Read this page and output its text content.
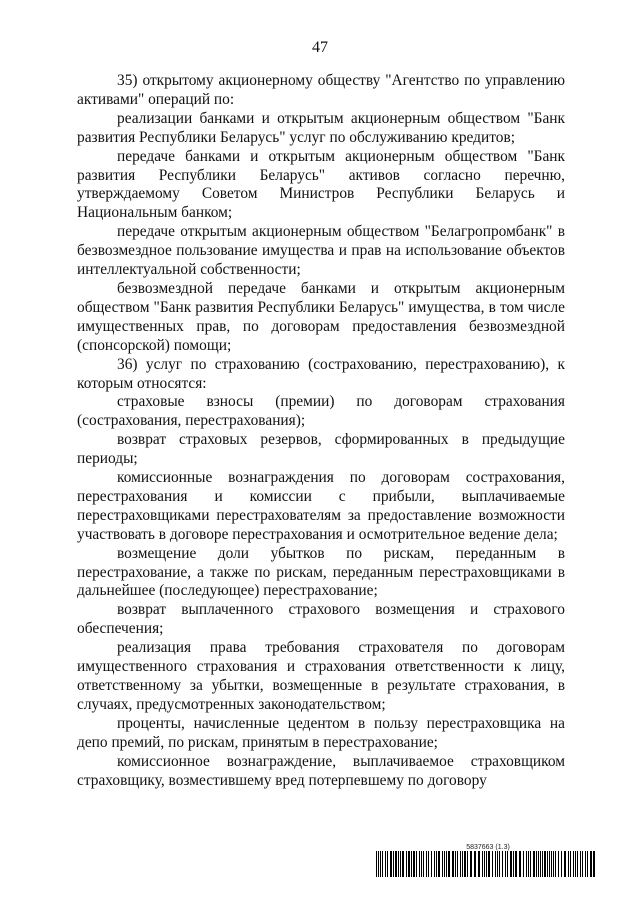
47

35) открытому акционерному обществу "Агентство по управлению активами" операций по:

реализации банками и открытым акционерным обществом "Банк развития Республики Беларусь" услуг по обслуживанию кредитов;

передаче банками и открытым акционерным обществом "Банк развития Республики Беларусь" активов согласно перечню, утверждаемому Советом Министров Республики Беларусь и Национальным банком;

передаче открытым акционерным обществом "Белагропромбанк" в безвозмездное пользование имущества и прав на использование объектов интеллектуальной собственности;

безвозмездной передаче банками и открытым акционерным обществом "Банк развития Республики Беларусь" имущества, в том числе имущественных прав, по договорам предоставления безвозмездной (спонсорской) помощи;

36) услуг по страхованию (сострахованию, перестрахованию), к которым относятся:

страховые взносы (премии) по договорам страхования (сострахования, перестрахования);

возврат страховых резервов, сформированных в предыдущие периоды;

комиссионные вознаграждения по договорам сострахования, перестрахования и комиссии с прибыли, выплачиваемые перестраховщиками перестрахователям за предоставление возможности участвовать в договоре перестрахования и осмотрительное ведение дела;

возмещение доли убытков по рискам, переданным в перестрахование, а также по рискам, переданным перестраховщиками в дальнейшее (последующее) перестрахование;

возврат выплаченного страхового возмещения и страхового обеспечения;

реализация права требования страхователя по договорам имущественного страхования и страхования ответственности к лицу, ответственному за убытки, возмещенные в результате страхования, в случаях, предусмотренных законодательством;

проценты, начисленные цедентом в пользу перестраховщика на депо премий, по рискам, принятым в перестрахование;

комиссионное вознаграждение, выплачиваемое страховщиком страховщику, возместившему вред потерпевшему по договору

5837663 (1.3)
